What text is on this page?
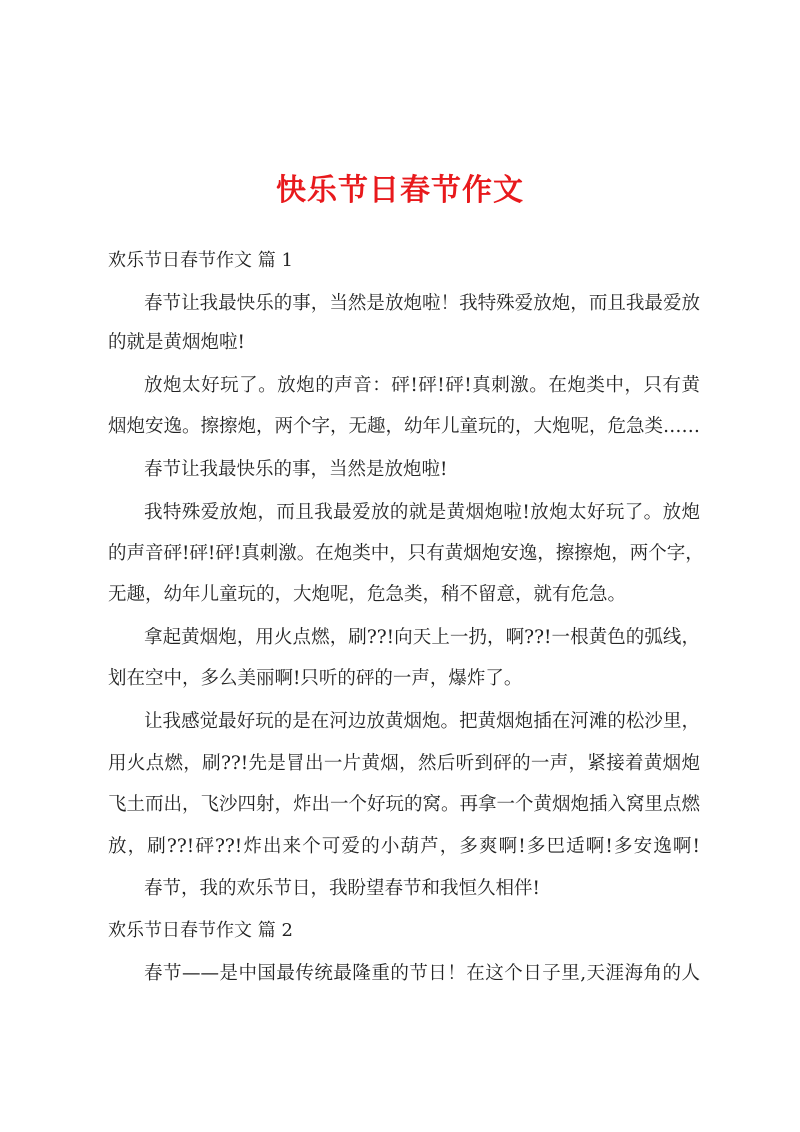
快乐节日春节作文
欢乐节日春节作文 篇 1
春节让我最快乐的事，当然是放炮啦！我特殊爱放炮，而且我最爱放
的就是黄烟炮啦!
放炮太好玩了。放炮的声音：砰!砰!砰!真刺激。在炮类中，只有黄
烟炮安逸。擦擦炮，两个字，无趣，幼年儿童玩的，大炮呢，危急类……
春节让我最快乐的事，当然是放炮啦!
我特殊爱放炮，而且我最爱放的就是黄烟炮啦!放炮太好玩了。放炮
的声音砰!砰!砰!真刺激。在炮类中，只有黄烟炮安逸，擦擦炮，两个字，
无趣，幼年儿童玩的，大炮呢，危急类，稍不留意，就有危急。
拿起黄烟炮，用火点燃，刷??!向天上一扔，啊??!一根黄色的弧线，
划在空中，多么美丽啊!只听的砰的一声，爆炸了。
让我感觉最好玩的是在河边放黄烟炮。把黄烟炮插在河滩的松沙里，
用火点燃，刷??!先是冒出一片黄烟，然后听到砰的一声，紧接着黄烟炮
飞土而出，飞沙四射，炸出一个好玩的窝。再拿一个黄烟炮插入窝里点燃
放，刷??!砰??!炸出来个可爱的小葫芦，多爽啊!多巴适啊!多安逸啊!
春节，我的欢乐节日，我盼望春节和我恒久相伴!
欢乐节日春节作文 篇 2
春节——是中国最传统最隆重的节日！在这个日子里,天涯海角的人
